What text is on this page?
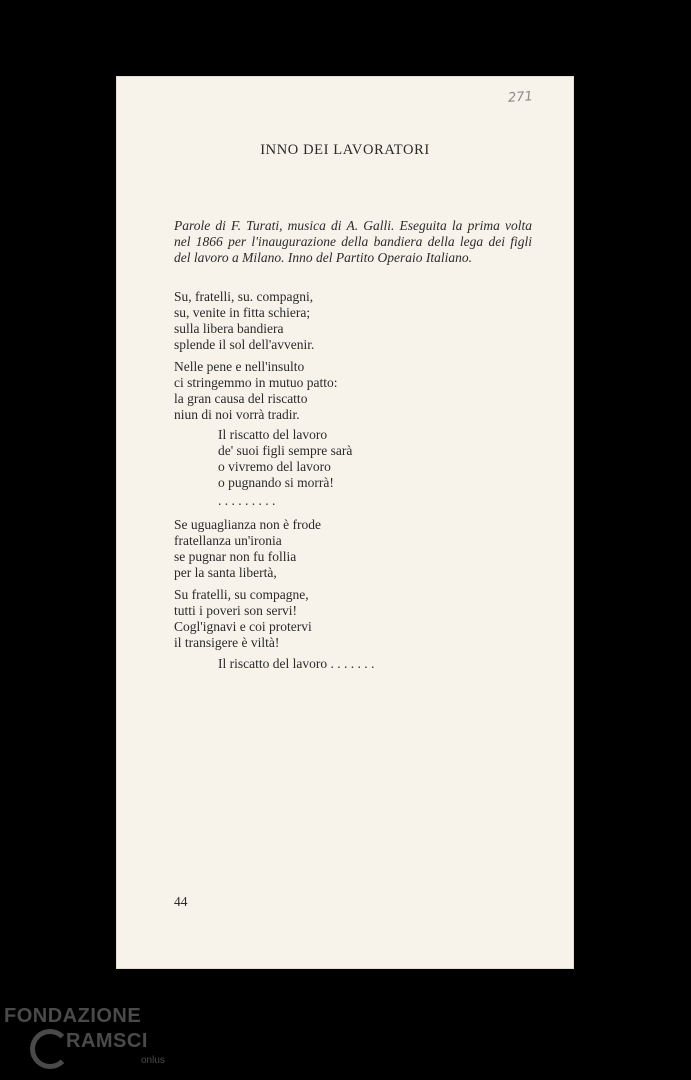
271
INNO DEI LAVORATORI
Parole di F. Turati, musica di A. Galli. Eseguita la prima volta nel 1866 per l'inaugurazione della bandiera della lega dei figli del lavoro a Milano. Inno del Partito Operaio Italiano.
Su, fratelli, su. compagni,
su, venite in fitta schiera;
sulla libera bandiera
splende il sol dell'avvenir.
Nelle pene e nell'insulto
ci stringemmo in mutuo patto:
la gran causa del riscatto
niun di noi vorrà tradir.
Il riscatto del lavoro
de' suoi figli sempre sarà
o vivremo del lavoro
o pugnando si morrà!
. . . . . . . . .
Se uguaglianza non è frode
fratellanza un'ironia
se pugnar non fu follia
per la santa libertà,
Su fratelli, su compagne,
tutti i poveri son servi!
Cogl'ignavi e coi protervi
il transigere è viltà!
Il riscatto del lavoro . . . . . . .
44
FONDAZIONE
RAMSCI
onlus
